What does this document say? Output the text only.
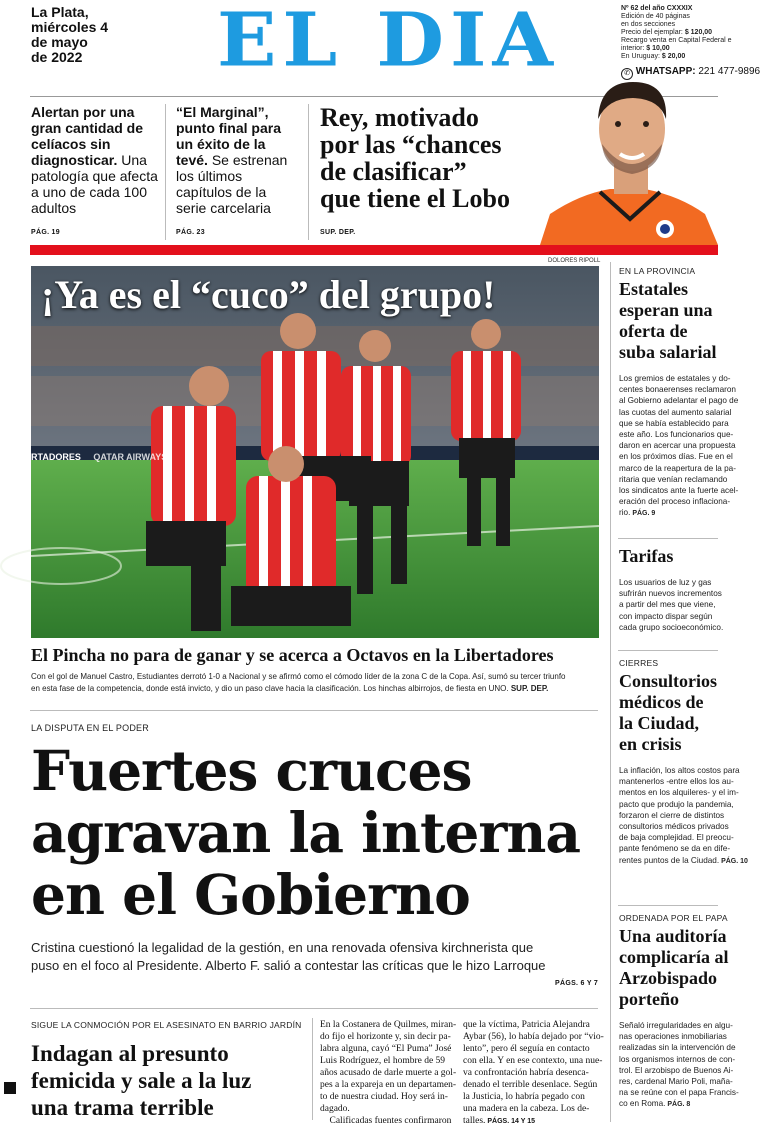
La Plata,
miércoles 4
de mayo
de 2022	EL DIA	Nº 62 del año CXXXIX
Edición de 40 páginas
en dos secciones
Precio del ejemplar: $ 120,00
Recargo venta en Capital Federal e
interior: $ 10,00
En Uruguay: $ 20,00
✆ WHATSAPP: 221 477-9896
Alertan por una gran cantidad de celíacos sin diagnosticar. Una patología que afecta a uno de cada 100 adultos
PÁG. 19
“El Marginal”, punto final para un éxito de la tevé. Se estrenan los últimos capítulos de la serie carcelaria
PÁG. 23
Rey, motivado
por las “chances
de clasificar”
que tiene el Lobo
SUP. DEP.
DOLORES RIPOLL
RTADORES QATAR AIRWAYS
¡Ya es el “cuco” del grupo!
El Pincha no para de ganar y se acerca a Octavos en la Libertadores
Con el gol de Manuel Castro, Estudiantes derrotó 1-0 a Nacional y se afirmó como el cómodo líder de la zona C de la Copa. Así, sumó su tercer triunfo
en esta fase de la competencia, donde está invicto, y dio un paso clave hacia la clasificación. Los hinchas albirrojos, de fiesta en UNO. SUP. DEP.
LA DISPUTA EN EL PODER
Fuertes cruces
agravan la interna
en el Gobierno
Cristina cuestionó la legalidad de la gestión, en una renovada ofensiva kirchnerista que
puso en el foco al Presidente. Alberto F. salió a contestar las críticas que le hizo Larroque
PÁGS. 6 Y 7
SIGUE LA CONMOCIÓN POR EL ASESINATO EN BARRIO JARDÍN
Indagan al presunto
femicida y sale a la luz
una trama terrible
En la Costanera de Quilmes, miran-
do fijo el horizonte y, sin decir pa-
labra alguna, cayó “El Puma” José
Luis Rodríguez, el hombre de 59
años acusado de darle muerte a gol-
pes a la expareja en un departamen-
to de nuestra ciudad. Hoy será in-
dagado.
Calificadas fuentes confirmaron
que la víctima, Patricia Alejandra
Aybar (56), lo había dejado por “vio-
lento”, pero él seguía en contacto
con ella. Y en ese contexto, una nue-
va confrontación habría desenca-
denado el terrible desenlace. Según
la Justicia, lo habría pegado con
una madera en la cabeza. Los de-
talles. PÁGS. 14 Y 15
EN LA PROVINCIA
Estatales
esperan una
oferta de
suba salarial
Los gremios de estatales y do-
centes bonaerenses reclamaron
al Gobierno adelantar el pago de
las cuotas del aumento salarial
que se había establecido para
este año. Los funcionarios que-
daron en acercar una propuesta
en los próximos días. Fue en el
marco de la reapertura de la pa-
ritaria que venían reclamando
los sindicatos ante la fuerte acel-
eración del proceso inflaciona-
rio. PÁG. 9
Tarifas
Los usuarios de luz y gas
sufrirán nuevos incrementos
a partir del mes que viene,
con impacto dispar según
cada grupo socioeconómico.
CIERRES
Consultorios
médicos de
la Ciudad,
en crisis
La inflación, los altos costos para
mantenerlos -entre ellos los au-
mentos en los alquileres- y el im-
pacto que produjo la pandemia,
forzaron el cierre de distintos
consultorios médicos privados
de baja complejidad. El preocu-
pante fenómeno se da en dife-
rentes puntos de la Ciudad. PÁG. 10
ORDENADA POR EL PAPA
Una auditoría
complicaría al
Arzobispado
porteño
Señaló irregularidades en algu-
nas operaciones inmobiliarias
realizadas sin la intervención de
los organismos internos de con-
trol. El arzobispo de Buenos Ai-
res, cardenal Mario Poli, maña-
na se reúne con el papa Francis-
co en Roma. PÁG. 8
